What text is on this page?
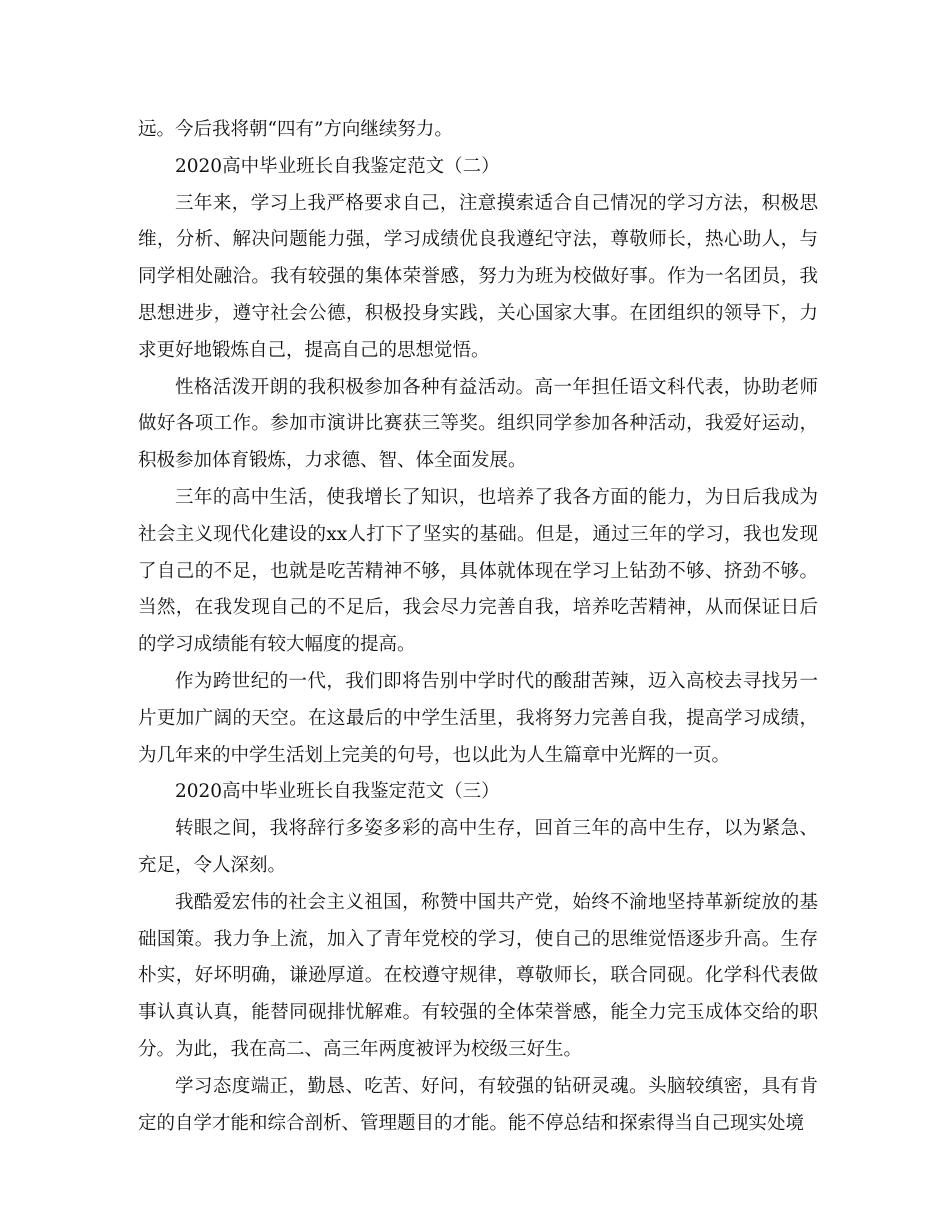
远。今后我将朝“四有”方向继续努力。

2020高中毕业班长自我鉴定范文（二）

三年来，学习上我严格要求自己，注意摸索适合自己情况的学习方法，积极思维，分析、解决问题能力强，学习成绩优良我遵纪守法，尊敬师长，热心助人，与同学相处融洽。我有较强的集体荣誉感，努力为班为校做好事。作为一名团员，我思想进步，遵守社会公德，积极投身实践，关心国家大事。在团组织的领导下，力求更好地锻炼自己，提高自己的思想觉悟。

性格活泼开朗的我积极参加各种有益活动。高一年担任语文科代表，协助老师做好各项工作。参加市演讲比赛获三等奖。组织同学参加各种活动，我爱好运动，积极参加体育锻炼，力求德、智、体全面发展。

三年的高中生活，使我增长了知识，也培养了我各方面的能力，为日后我成为社会主义现代化建设的xx人打下了坚实的基础。但是，通过三年的学习，我也发现了自己的不足，也就是吃苦精神不够，具体就体现在学习上钻劲不够、挤劲不够。当然，在我发现自己的不足后，我会尽力完善自我，培养吃苦精神，从而保证日后的学习成绩能有较大幅度的提高。

作为跨世纪的一代，我们即将告别中学时代的酸甜苦辣，迈入高校去寻找另一片更加广阔的天空。在这最后的中学生活里，我将努力完善自我，提高学习成绩，为几年来的中学生活划上完美的句号，也以此为人生篇章中光辉的一页。

2020高中毕业班长自我鉴定范文（三）

转眼之间，我将辞行多姿多彩的高中生存，回首三年的高中生存，以为紧急、充足，令人深刻。

我酷爱宏伟的社会主义祖国，称赞中国共产党，始终不渝地坚持革新绽放的基础国策。我力争上流，加入了青年党校的学习，使自己的思维觉悟逐步升高。生存朴实，好坏明确，谦逊厚道。在校遵守规律，尊敬师长，联合同砚。化学科代表做事认真认真，能替同砚排忧解难。有较强的全体荣誉感，能全力完玉成体交给的职分。为此，我在高二、高三年两度被评为校级三好生。

学习态度端正，勤恳、吃苦、好问，有较强的钻研灵魂。头脑较缜密，具有肯定的自学才能和综合剖析、管理题目的才能。能不停总结和探索得当自己现实处境
